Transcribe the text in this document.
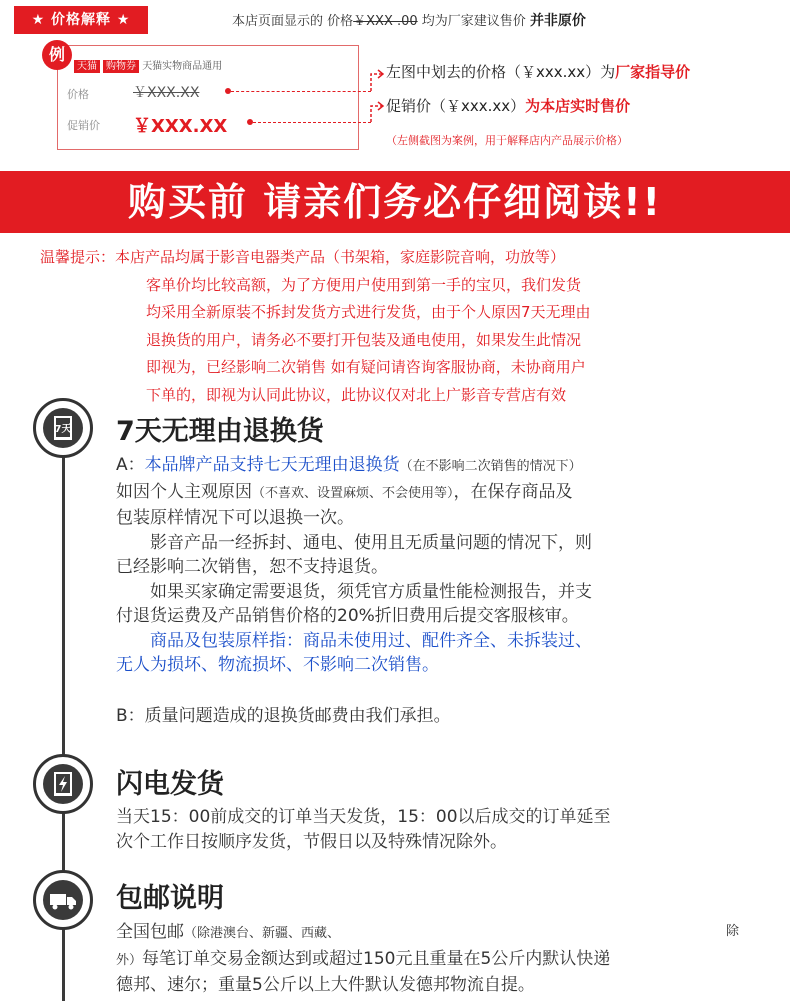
★ 价格解释 ★	本店页面显示的 价格￥XXX .00 均为厂家建议售价 并非原价
例
天猫 购物券 天猫实物商品通用
价格
促销价
￥XXX.XX
￥XXX.XX
左图中划去的价格（￥xxx.xx）为厂家指导价
促销价（￥xxx.xx）为本店实时售价
（左侧截图为案例，用于解释店内产品展示价格）
购买前 请亲们务必仔细阅读!!
温馨提示：本店产品均属于影音电器类产品（书架箱，家庭影院音响，功放等）
客单价均比较高额，为了方便用户使用到第一手的宝贝，我们发货
均采用全新原装不拆封发货方式进行发货，由于个人原因7天无理由
退换货的用户，请务必不要打开包装及通电使用，如果发生此情况
即视为，已经影响二次销售 如有疑问请咨询客服协商，未协商用户
下单的，即视为认同此协议，此协议仅对北上广影音专营店有效
7天 7天无理由退换货
A：本品牌产品支持七天无理由退换货（在不影响二次销售的情况下）
如因个人主观原因（不喜欢、设置麻烦、不会使用等），在保存商品及
包装原样情况下可以退换一次。
影音产品一经拆封、通电、使用且无质量问题的情况下，则
已经影响二次销售，恕不支持退货。
如果买家确定需要退货，须凭官方质量性能检测报告，并支
付退货运费及产品销售价格的20%折旧费用后提交客服核审。
商品及包装原样指：商品未使用过、配件齐全、未拆装过、
无人为损坏、物流损坏、不影响二次销售。
B：质量问题造成的退换货邮费由我们承担。
闪电发货
当天15：00前成交的订单当天发货，15：00以后成交的订单延至
次个工作日按顺序发货，节假日以及特殊情况除外。
包邮说明
全国包邮（除港澳台、新疆、西藏、	除
外）每笔订单交易金额达到或超过150元且重量在5公斤内默认快递
德邦、速尔；重量5公斤以上大件默认发德邦物流自提。
